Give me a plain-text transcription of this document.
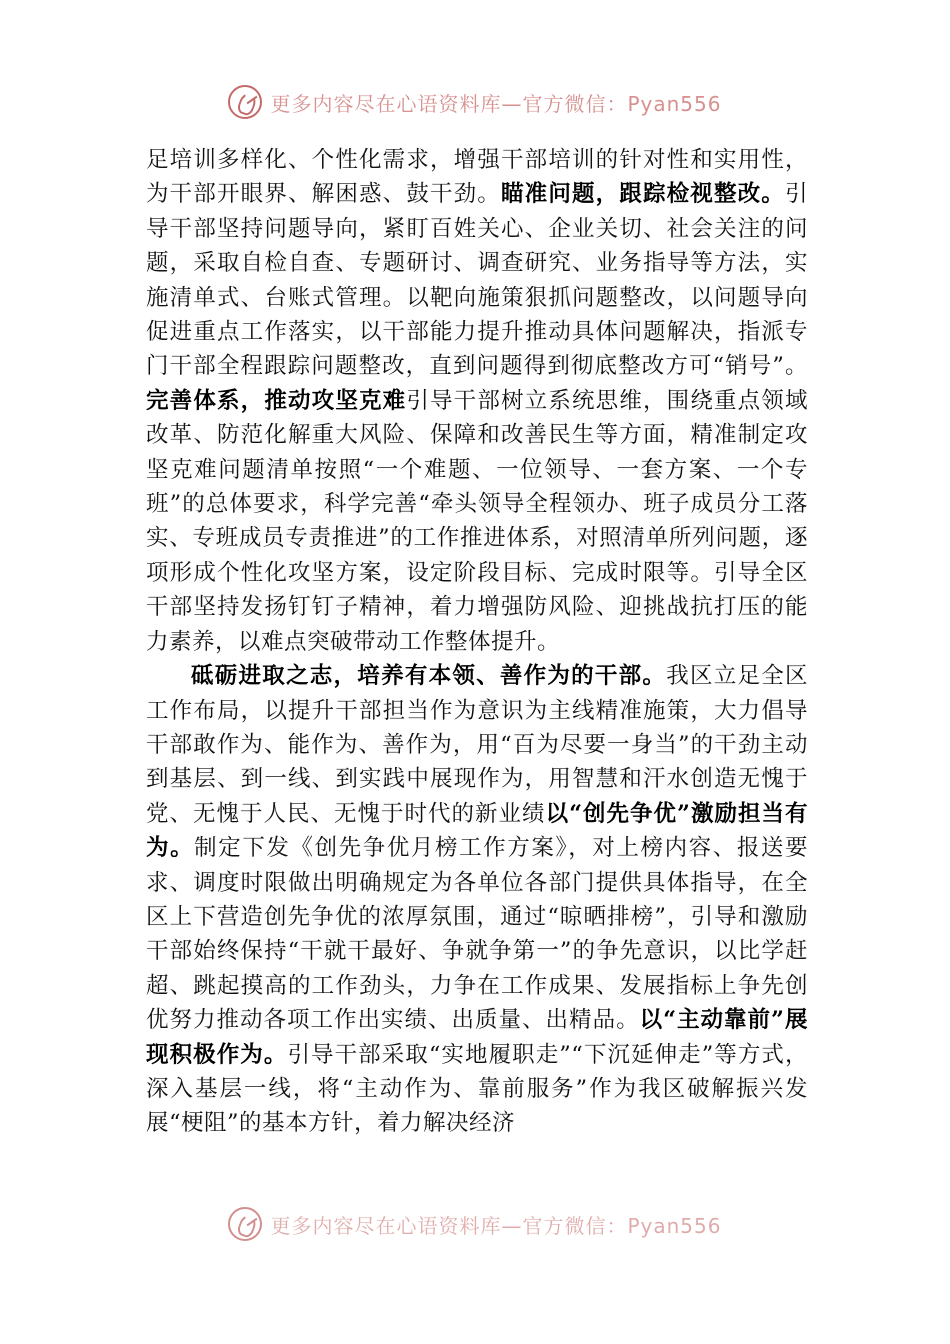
更多内容尽在心语资料库—官方微信：Pyan556

足培训多样化、个性化需求，增强干部培训的针对性和实用性，为干部开眼界、解困惑、鼓干劲。瞄准问题，跟踪检视整改。引导干部坚持问题导向，紧盯百姓关心、企业关切、社会关注的问题，采取自检自查、专题研讨、调查研究、业务指导等方法，实施清单式、台账式管理。以靶向施策狠抓问题整改，以问题导向促进重点工作落实，以干部能力提升推动具体问题解决，指派专门干部全程跟踪问题整改，直到问题得到彻底整改方可“销号”。完善体系，推动攻坚克难引导干部树立系统思维，围绕重点领域改革、防范化解重大风险、保障和改善民生等方面，精准制定攻坚克难问题清单按照“一个难题、一位领导、一套方案、一个专班”的总体要求，科学完善“牵头领导全程领办、班子成员分工落实、专班成员专责推进”的工作推进体系，对照清单所列问题，逐项形成个性化攻坚方案，设定阶段目标、完成时限等。引导全区干部坚持发扬钉钉子精神，着力增强防风险、迎挑战抗打压的能力素养，以难点突破带动工作整体提升。

砥砺进取之志，培养有本领、善作为的干部。我区立足全区工作布局，以提升干部担当作为意识为主线精准施策，大力倡导干部敢作为、能作为、善作为，用“百为尽要一身当”的干劲主动到基层、到一线、到实践中展现作为，用智慧和汗水创造无愧于党、无愧于人民、无愧于时代的新业绩以“创先争优”激励担当有为。制定下发《创先争优月榜工作方案》，对上榜内容、报送要求、调度时限做出明确规定为各单位各部门提供具体指导，在全区上下营造创先争优的浓厚氛围，通过“晾晒排榜”，引导和激励干部始终保持“干就干最好、争就争第一”的争先意识，以比学赶超、跳起摸高的工作劲头，力争在工作成果、发展指标上争先创优努力推动各项工作出实绩、出质量、出精品。以“主动靠前”展现积极作为。引导干部采取“实地履职走”“下沉延伸走”等方式，深入基层一线，将“主动作为、靠前服务”作为我区破解振兴发展“梗阻”的基本方针，着力解决经济

更多内容尽在心语资料库—官方微信：Pyan556
